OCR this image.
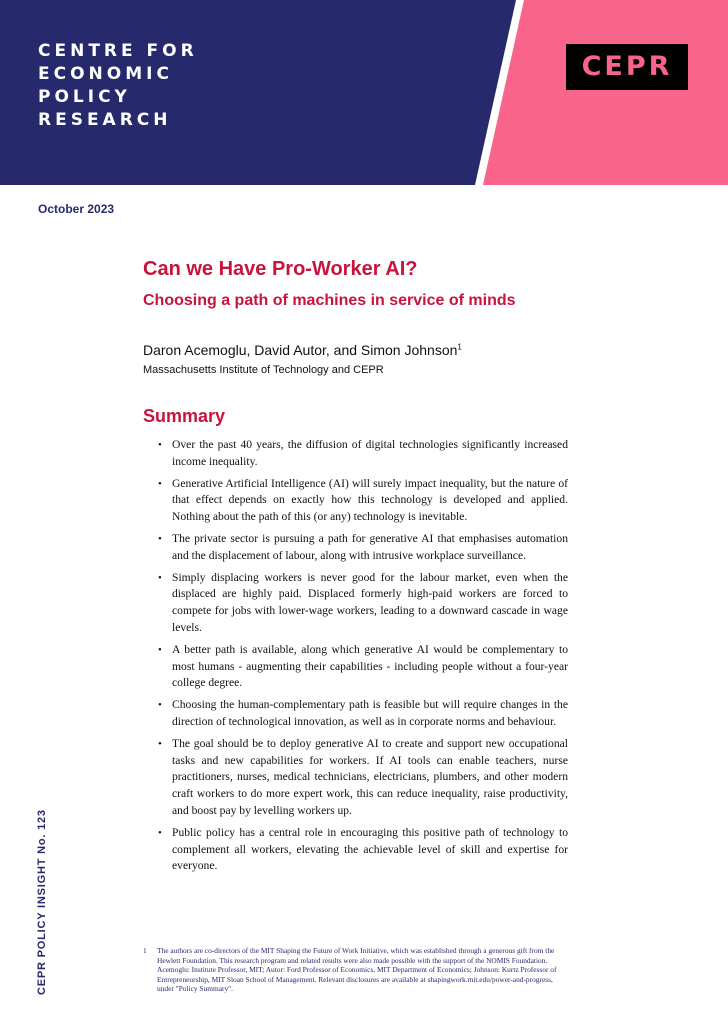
CENTRE FOR
ECONOMIC
POLICY
RESEARCH
CEPR

October 2023

Can we Have Pro-Worker AI?
Choosing a path of machines in service of minds

Daron Acemoglu, David Autor, and Simon Johnson$^1$

Massachusetts Institute of Technology and CEPR

Summary
• Over the past 40 years, the diffusion of digital technologies significantly increased income inequality.
• Generative Artificial Intelligence (AI) will surely impact inequality, but the nature of that effect depends on exactly how this technology is developed and applied. Nothing about the path of this (or any) technology is inevitable.
• The private sector is pursuing a path for generative AI that emphasises automation and the displacement of labour, along with intrusive workplace surveillance.
• Simply displacing workers is never good for the labour market, even when the displaced are highly paid. Displaced formerly high-paid workers are forced to compete for jobs with lower-wage workers, leading to a downward cascade in wage levels.
• A better path is available, along which generative AI would be complementary to most humans - augmenting their capabilities - including people without a four-year college degree.
• Choosing the human-complementary path is feasible but will require changes in the direction of technological innovation, as well as in corporate norms and behaviour.
• The goal should be to deploy generative AI to create and support new occupational tasks and new capabilities for workers. If AI tools can enable teachers, nurse practitioners, nurses, medical technicians, electricians, plumbers, and other modern craft workers to do more expert work, this can reduce inequality, raise productivity, and boost pay by levelling workers up.
• Public policy has a central role in encouraging this positive path of technology to complement all workers, elevating the achievable level of skill and expertise for everyone.

CEPR POLICY INSIGHT No. 123	1	The authors are co-directors of the MIT Shaping the Future of Work Initiative, which was established through a generous gift from the Hewlett Foundation. This research program and related results were also made possible with the support of the NOMIS Foundation. Acemoglu: Institute Professor, MIT; Autor: Ford Professor of Economics, MIT Department of Economics; Johnson: Kurtz Professor of Entrepreneurship, MIT Sloan School of Management. Relevant disclosures are available at shapingwork.mit.edu/power-and-progress, under "Policy Summary".
